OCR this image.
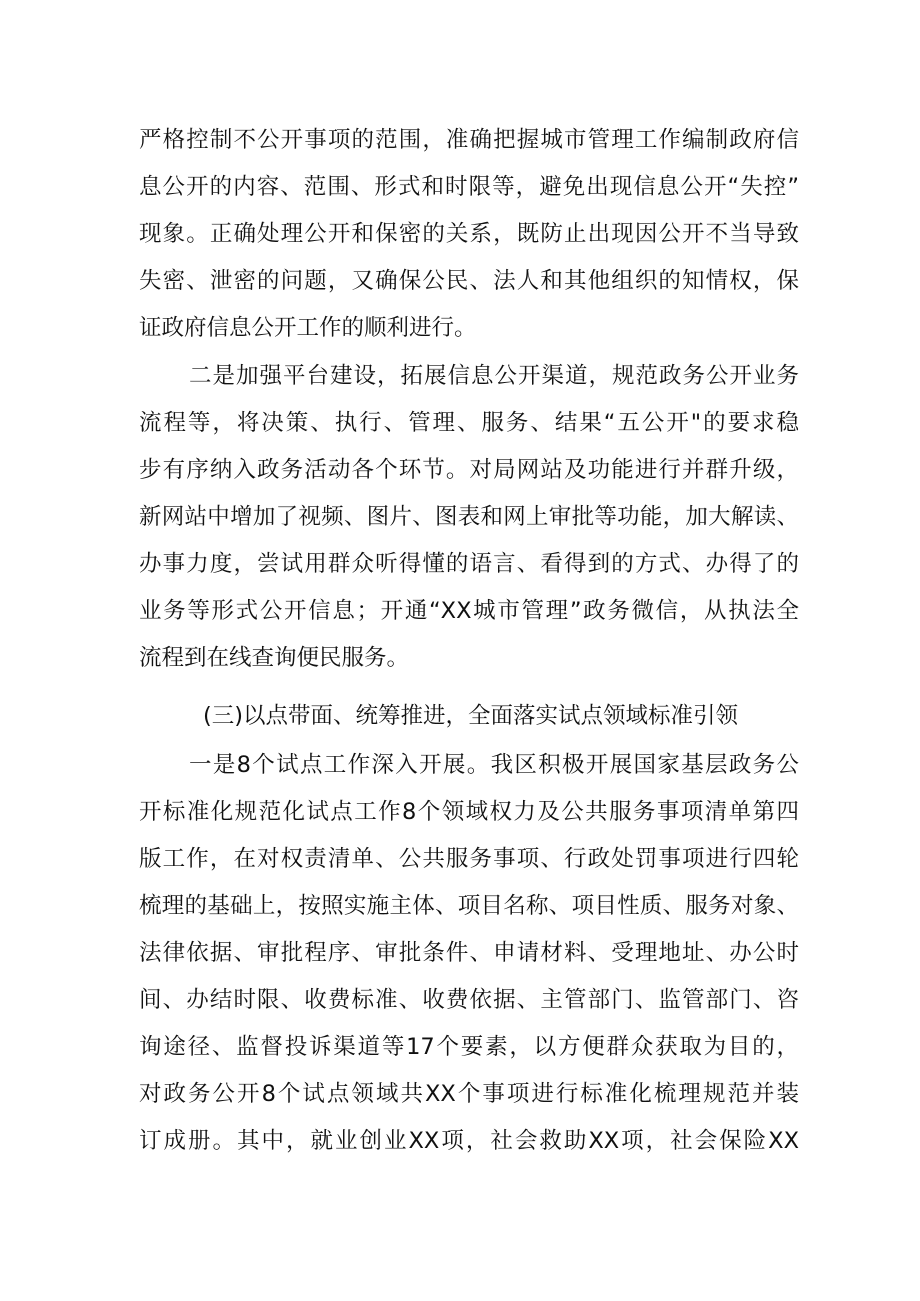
严格控制不公开事项的范围，准确把握城市管理工作编制政府信
息公开的内容、范围、形式和时限等，避免出现信息公开“失控”
现象。正确处理公开和保密的关系，既防止出现因公开不当导致
失密、泄密的问题，又确保公民、法人和其他组织的知情权，保
证政府信息公开工作的顺利进行。
二是加强平台建设，拓展信息公开渠道，规范政务公开业务
流程等，将决策、执行、管理、服务、结果“五公开"的要求稳
步有序纳入政务活动各个环节。对局网站及功能进行并群升级，
新网站中增加了视频、图片、图表和网上审批等功能，加大解读、
办事力度，尝试用群众听得懂的语言、看得到的方式、办得了的
业务等形式公开信息；开通“XX城市管理”政务微信，从执法全
流程到在线查询便民服务。
(三)以点带面、统筹推进，全面落实试点领域标准引领
一是8个试点工作深入开展。我区积极开展国家基层政务公
开标准化规范化试点工作8个领域权力及公共服务事项清单第四
版工作，在对权责清单、公共服务事项、行政处罚事项进行四轮
梳理的基础上，按照实施主体、项目名称、项目性质、服务对象、
法律依据、审批程序、审批条件、申请材料、受理地址、办公时
间、办结时限、收费标准、收费依据、主管部门、监管部门、咨
询途径、监督投诉渠道等17个要素，以方便群众获取为目的，
对政务公开8个试点领域共XX个事项进行标准化梳理规范并装
订成册。其中，就业创业XX项，社会救助XX项，社会保险XX
